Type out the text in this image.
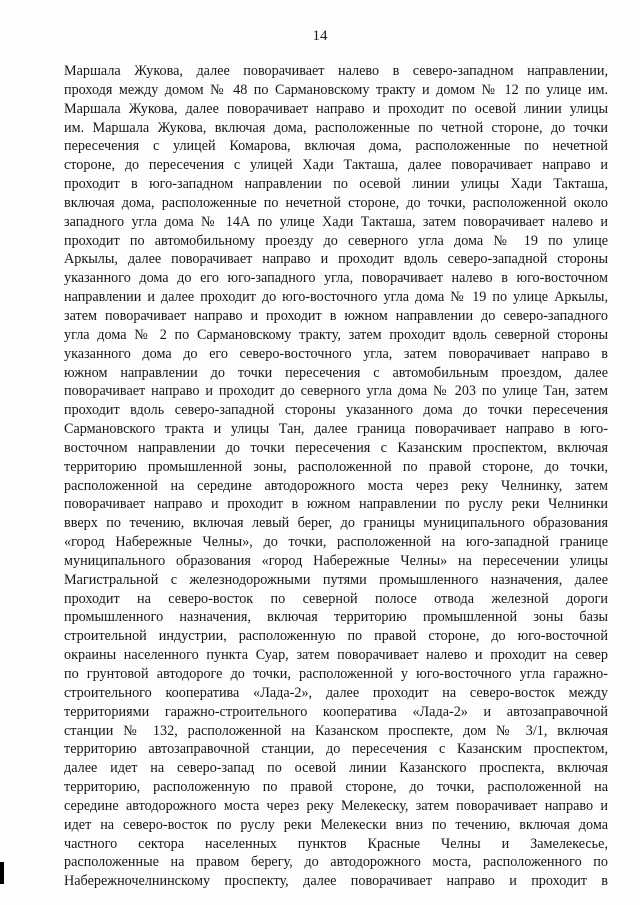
14
Маршала Жукова, далее поворачивает налево в северо-западном направлении,
проходя между домом № 48 по Сармановскому тракту и домом № 12 по улице им.
Маршала Жукова, далее поворачивает направо и проходит по осевой линии улицы
им. Маршала Жукова, включая дома, расположенные по четной стороне, до точки
пересечения с улицей Комарова, включая дома, расположенные по нечетной
стороне, до пересечения с улицей Хади Такташа, далее поворачивает направо и
проходит в юго-западном направлении по осевой линии улицы Хади Такташа,
включая дома, расположенные по нечетной стороне, до точки, расположенной около
западного угла дома № 14А по улице Хади Такташа, затем поворачивает налево и
проходит по автомобильному проезду до северного угла дома № 19 по улице
Аркылы, далее поворачивает направо и проходит вдоль северо-западной стороны
указанного дома до его юго-западного угла, поворачивает налево в юго-восточном
направлении и далее проходит до юго-восточного угла дома № 19 по улице Аркылы,
затем поворачивает направо и проходит в южном направлении до северо-западного
угла дома № 2 по Сармановскому тракту, затем проходит вдоль северной стороны
указанного дома до его северо-восточного угла, затем поворачивает направо в
южном направлении до точки пересечения с автомобильным проездом, далее
поворачивает направо и проходит до северного угла дома № 203 по улице Тан, затем
проходит вдоль северо-западной стороны указанного дома до точки пересечения
Сармановского тракта и улицы Тан, далее граница поворачивает направо в юго-
восточном направлении до точки пересечения с Казанским проспектом, включая
территорию промышленной зоны, расположенной по правой стороне, до точки,
расположенной на середине автодорожного моста через реку Челнинку, затем
поворачивает направо и проходит в южном направлении по руслу реки Челнинки
вверх по течению, включая левый берег, до границы муниципального образования
«город Набережные Челны», до точки, расположенной на юго-западной границе
муниципального образования «город Набережные Челны» на пересечении улицы
Магистральной с железнодорожными путями промышленного назначения, далее
проходит на северо-восток по северной полосе отвода железной дороги
промышленного назначения, включая территорию промышленной зоны базы
строительной индустрии, расположенную по правой стороне, до юго-восточной
окраины населенного пункта Суар, затем поворачивает налево и проходит на север
по грунтовой автодороге до точки, расположенной у юго-восточного угла гаражно-
строительного кооператива «Лада-2», далее проходит на северо-восток между
территориями гаражно-строительного кооператива «Лада-2» и автозаправочной
станции № 132, расположенной на Казанском проспекте, дом № 3/1, включая
территорию автозаправочной станции, до пересечения с Казанским проспектом,
далее идет на северо-запад по осевой линии Казанского проспекта, включая
территорию, расположенную по правой стороне, до точки, расположенной на
середине автодорожного моста через реку Мелекеску, затем поворачивает направо и
идет на северо-восток по руслу реки Мелекески вниз по течению, включая дома
частного сектора населенных пунктов Красные Челны и Замелекесье,
расположенные на правом берегу, до автодорожного моста, расположенного по
Набережночелнинскому проспекту, далее поворачивает направо и проходит в
